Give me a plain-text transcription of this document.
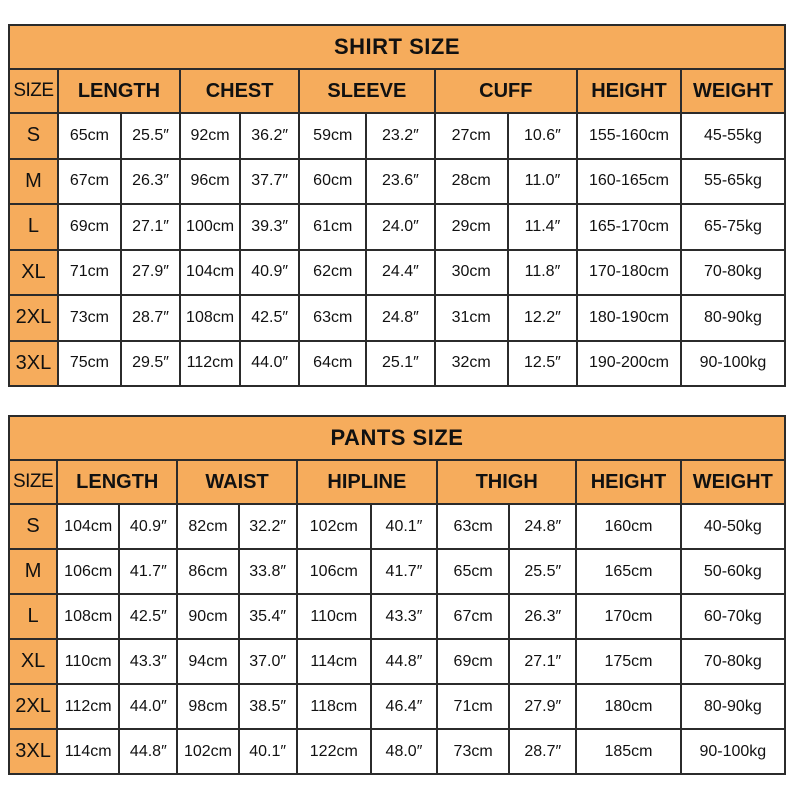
SHIRT SIZE										
SIZE	LENGTH		CHEST		SLEEVE		CUFF		HEIGHT	WEIGHT
S	65cm	25.5″	92cm	36.2″	59cm	23.2″	27cm	10.6″	155-160cm	45-55kg
M	67cm	26.3″	96cm	37.7″	60cm	23.6″	28cm	11.0″	160-165cm	55-65kg
L	69cm	27.1″	100cm	39.3″	61cm	24.0″	29cm	11.4″	165-170cm	65-75kg
XL	71cm	27.9″	104cm	40.9″	62cm	24.4″	30cm	11.8″	170-180cm	70-80kg
2XL	73cm	28.7″	108cm	42.5″	63cm	24.8″	31cm	12.2″	180-190cm	80-90kg
3XL	75cm	29.5″	112cm	44.0″	64cm	25.1″	32cm	12.5″	190-200cm	90-100kg
PANTS SIZE										
SIZE	LENGTH		WAIST		HIPLINE		THIGH		HEIGHT	WEIGHT
S	104cm	40.9″	82cm	32.2″	102cm	40.1″	63cm	24.8″	160cm	40-50kg
M	106cm	41.7″	86cm	33.8″	106cm	41.7″	65cm	25.5″	165cm	50-60kg
L	108cm	42.5″	90cm	35.4″	110cm	43.3″	67cm	26.3″	170cm	60-70kg
XL	110cm	43.3″	94cm	37.0″	114cm	44.8″	69cm	27.1″	175cm	70-80kg
2XL	112cm	44.0″	98cm	38.5″	118cm	46.4″	71cm	27.9″	180cm	80-90kg
3XL	114cm	44.8″	102cm	40.1″	122cm	48.0″	73cm	28.7″	185cm	90-100kg
